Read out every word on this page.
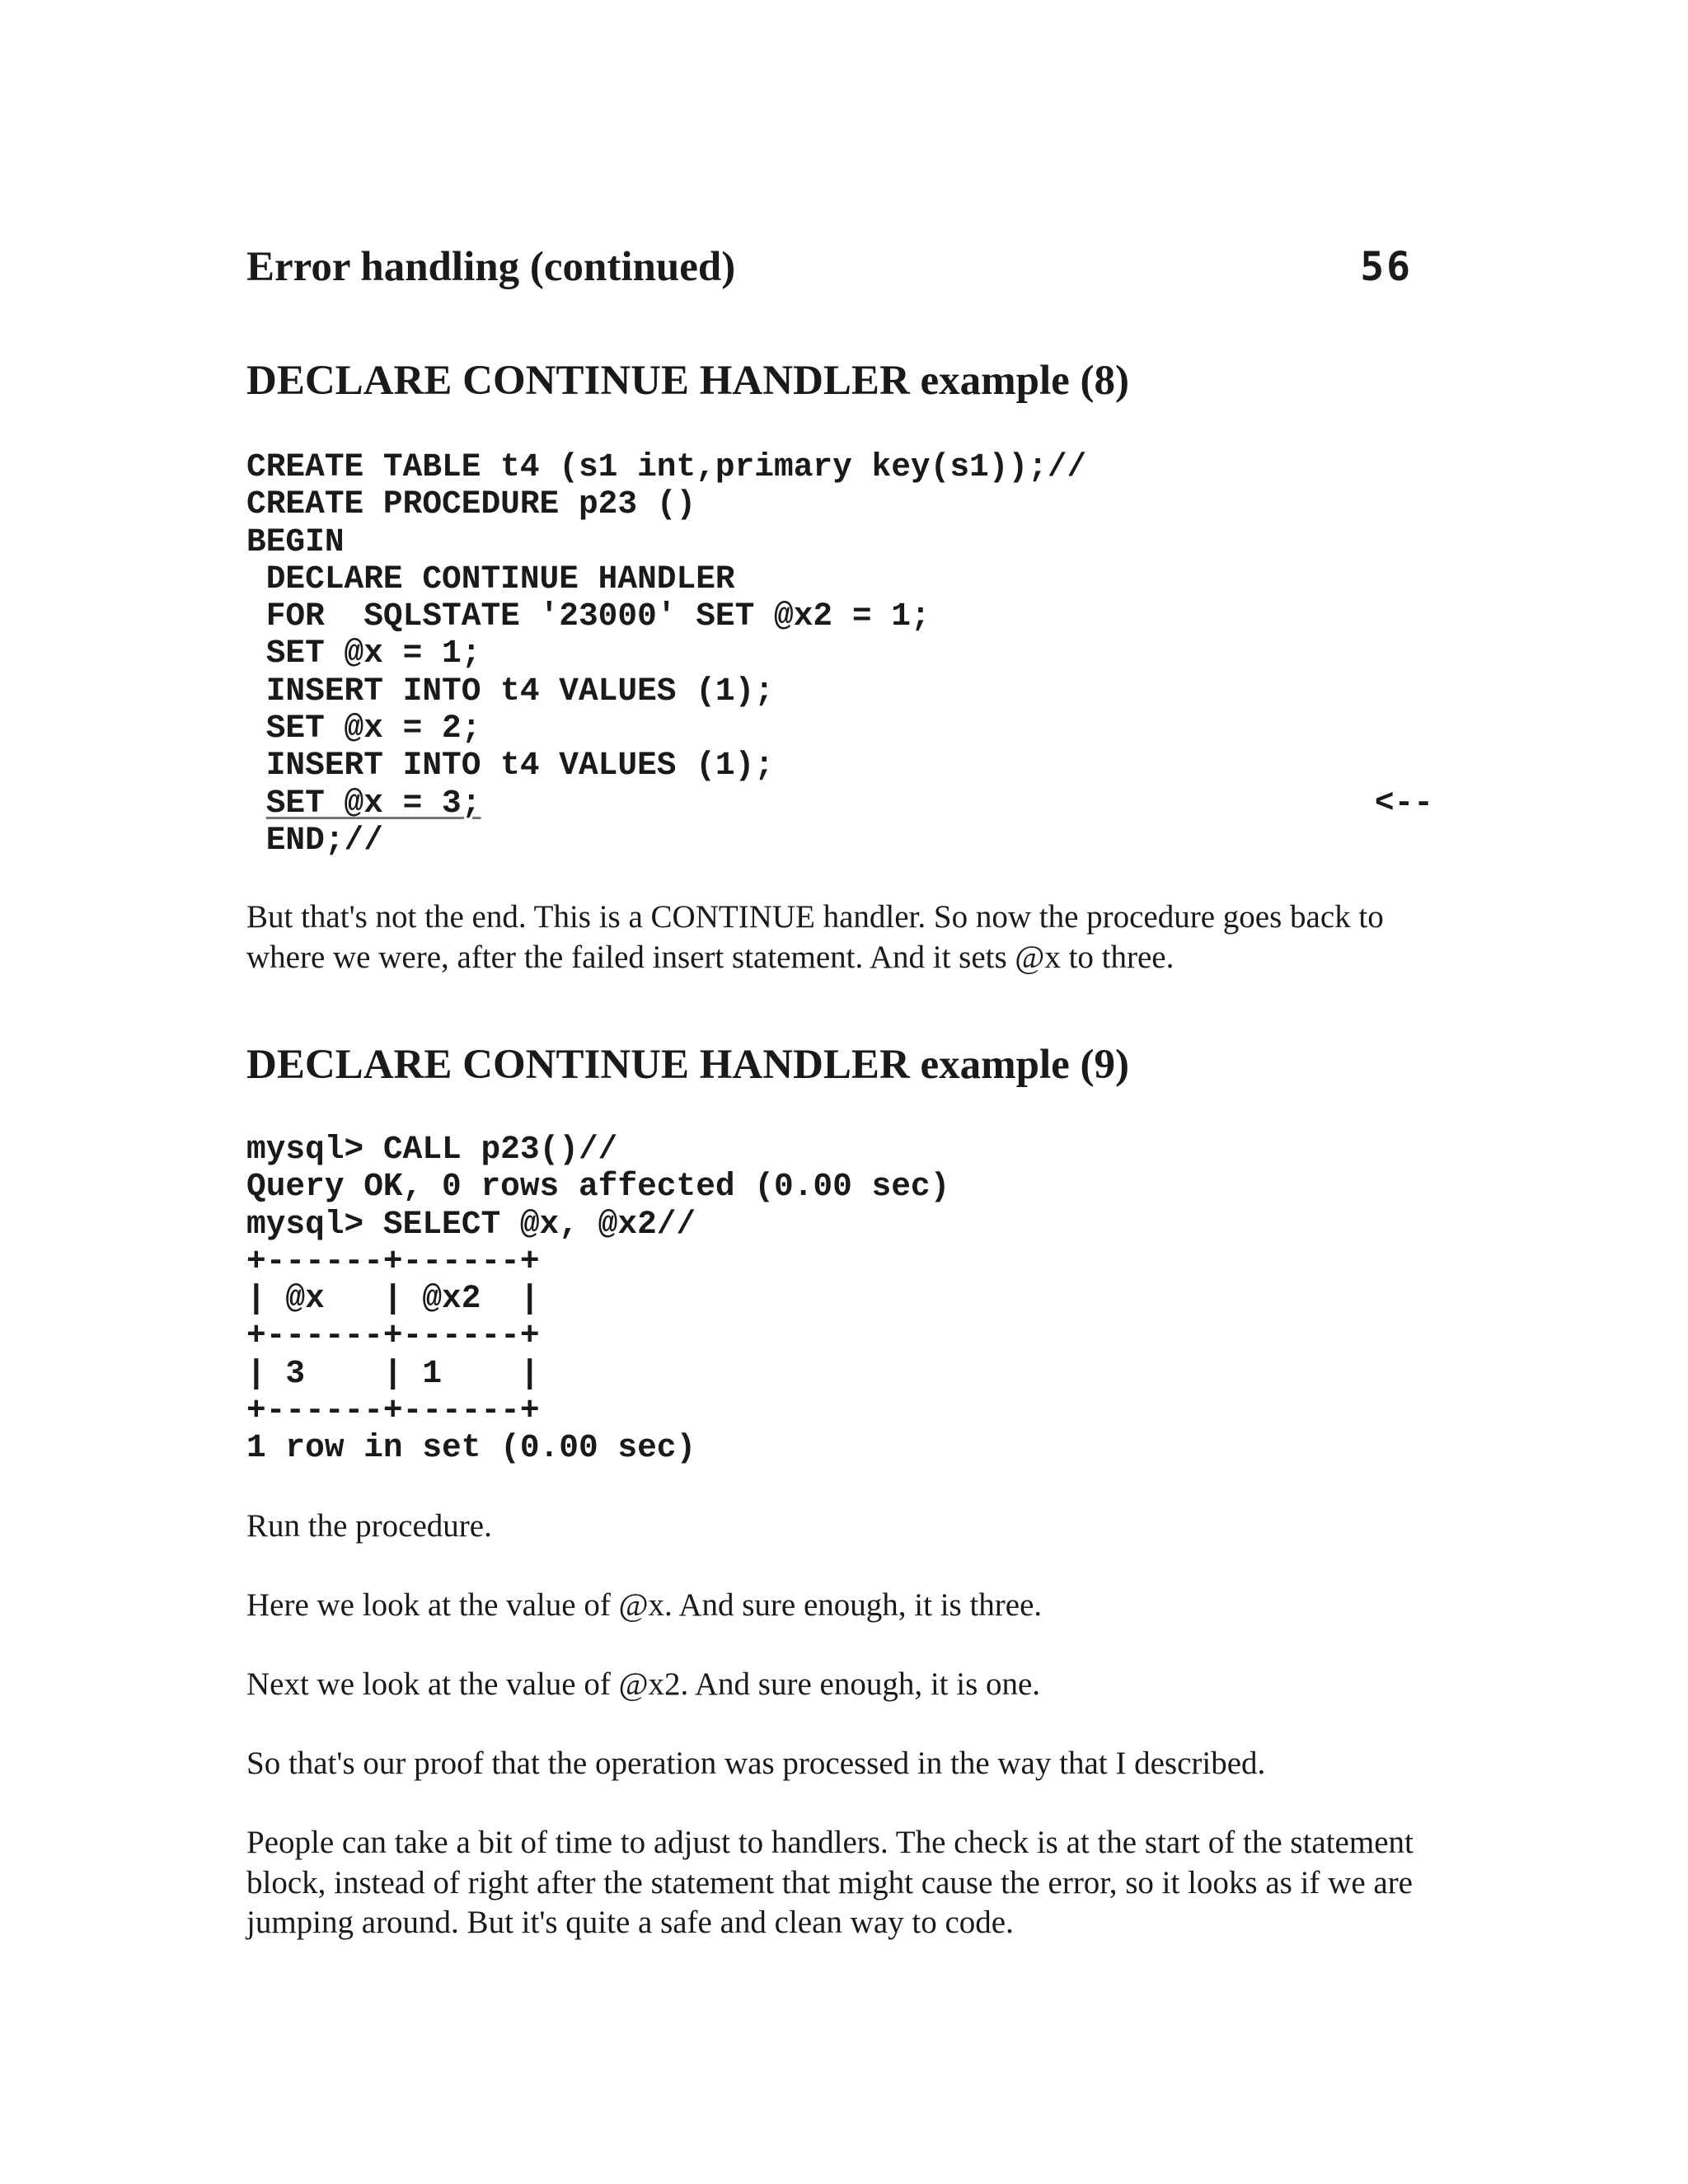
Error handling (continued)	56
DECLARE CONTINUE HANDLER example (8)
CREATE TABLE t4 (s1 int,primary key(s1));//
CREATE PROCEDURE p23 ()
BEGIN
DECLARE CONTINUE HANDLER
FOR  SQLSTATE '23000' SET @x2 = 1;
SET @x = 1;
INSERT INTO t4 VALUES (1);
SET @x = 2;
INSERT INTO t4 VALUES (1);
SET @x = 3;	<--
END;//

But that's not the end. This is a CONTINUE handler. So now the procedure goes back to where we were, after the failed insert statement. And it sets @x to three.

DECLARE CONTINUE HANDLER example (9)
mysql> CALL p23()//
Query OK, 0 rows affected (0.00 sec)
mysql> SELECT @x, @x2//
+------+------+
| @x   | @x2  |
+------+------+
| 3    | 1    |
+------+------+
1 row in set (0.00 sec)

Run the procedure.

Here we look at the value of @x. And sure enough, it is three.

Next we look at the value of @x2. And sure enough, it is one.

So that's our proof that the operation was processed in the way that I described.

People can take a bit of time to adjust to handlers. The check is at the start of the statement block, instead of right after the statement that might cause the error, so it looks as if we are jumping around. But it's quite a safe and clean way to code.
